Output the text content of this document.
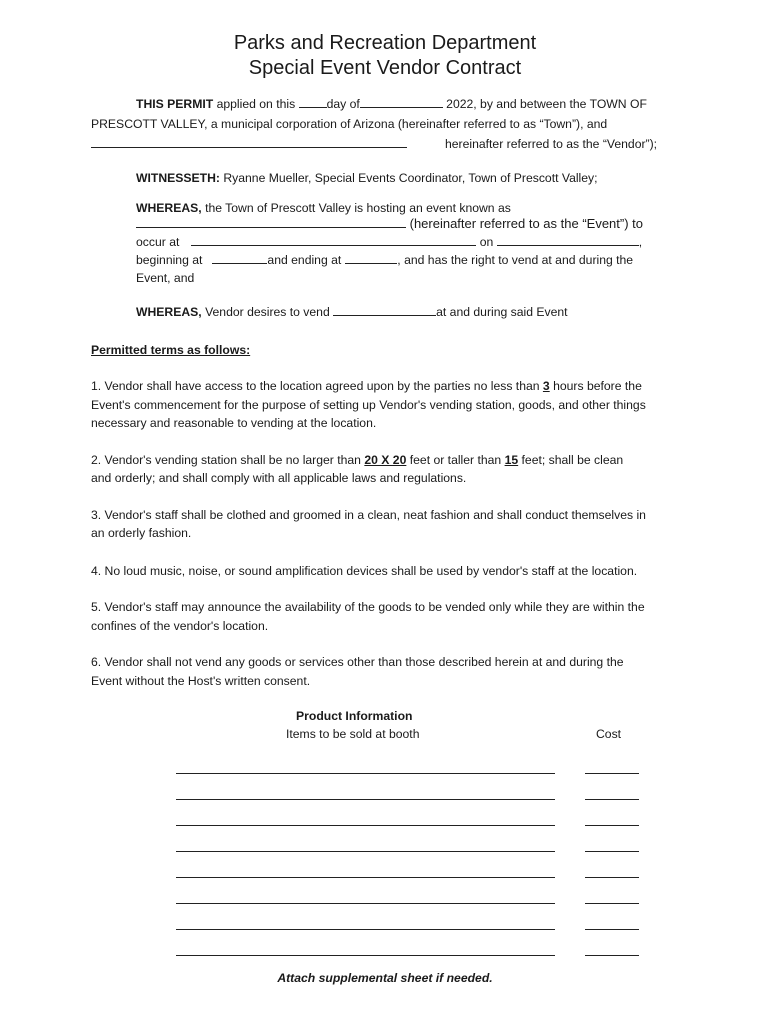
Parks and Recreation Department
Special Event Vendor Contract
THIS PERMIT applied on this day of	2022, by and between the TOWN OF
PRESCOTT VALLEY, a municipal corporation of Arizona (hereinafter referred to as “Town”), and
hereinafter referred to as the “Vendor”);
WITNESSETH: Ryanne Mueller, Special Events Coordinator, Town of Prescott Valley;
WHEREAS, the Town of Prescott Valley is hosting an event known as
(hereinafter referred to as the “Event”) to
occur at	on	,
beginning at	and ending at	, and has the right to vend at and during the
Event, and
WHEREAS, Vendor desires to vend	at and during said Event
Permitted terms as follows:
1. Vendor shall have access to the location agreed upon by the parties no less than 3 hours before the
Event's commencement for the purpose of setting up Vendor's vending station, goods, and other things
necessary and reasonable to vending at the location.
2. Vendor's vending station shall be no larger than 20 X 20 feet or taller than 15 feet; shall be clean
and orderly; and shall comply with all applicable laws and regulations.
3. Vendor's staff shall be clothed and groomed in a clean, neat fashion and shall conduct themselves in
an orderly fashion.
4. No loud music, noise, or sound amplification devices shall be used by vendor's staff at the location.
5. Vendor's staff may announce the availability of the goods to be vended only while they are within the
confines of the vendor's location.
6. Vendor shall not vend any goods or services other than those described herein at and during the
Event without the Host's written consent.
Product Information
Items to be sold at booth	Cost
Attach supplemental sheet if needed.
